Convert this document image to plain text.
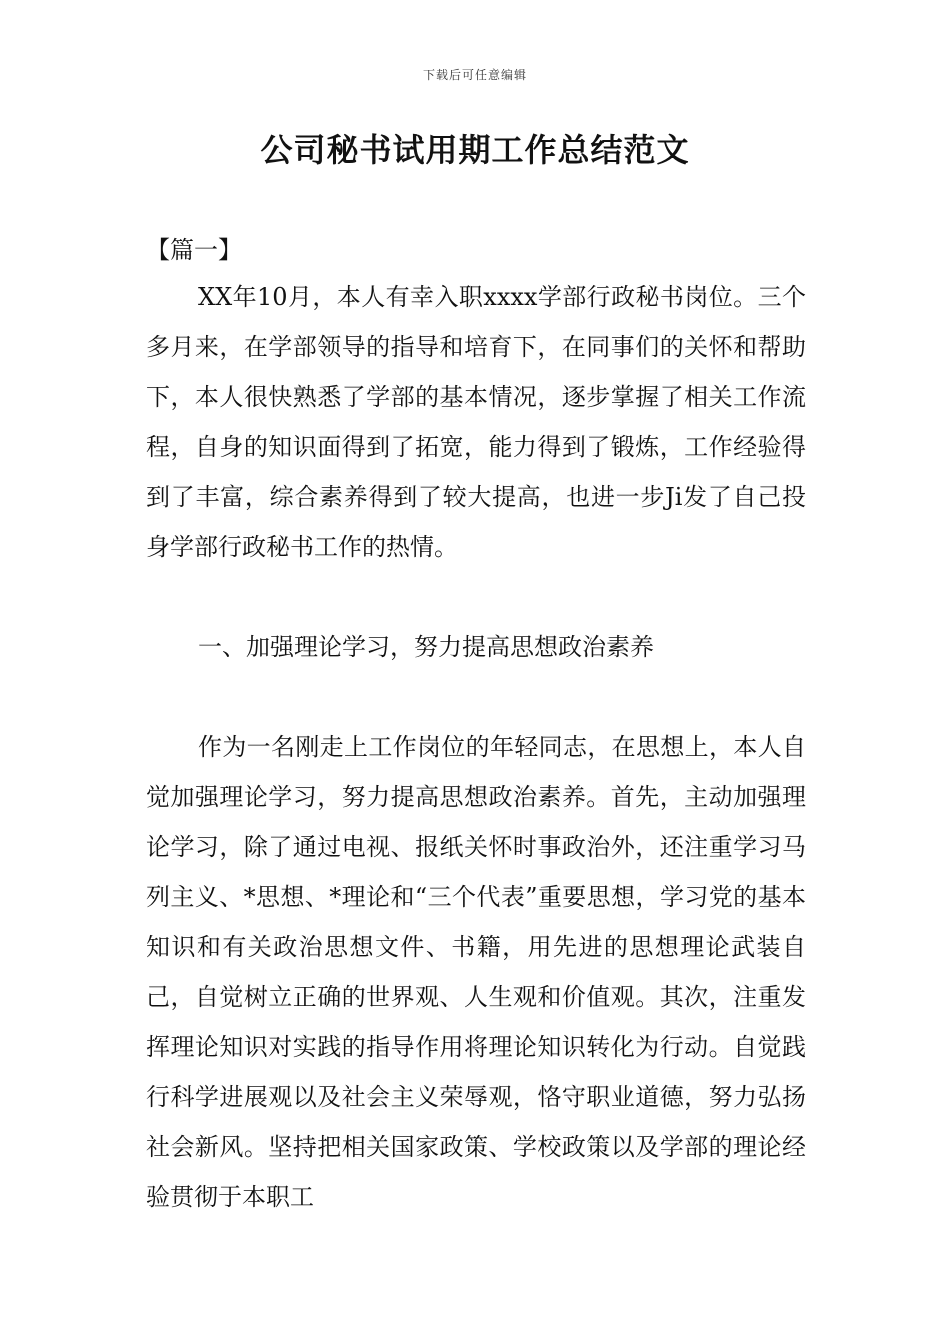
下载后可任意编辑
公司秘书试用期工作总结范文

【篇一】

XX年10月，本人有幸入职xxxx学部行政秘书岗位。三个多月来，在学部领导的指导和培育下，在同事们的关怀和帮助下，本人很快熟悉了学部的基本情况，逐步掌握了相关工作流程，自身的知识面得到了拓宽，能力得到了锻炼，工作经验得到了丰富，综合素养得到了较大提高，也进一步Ji发了自己投身学部行政秘书工作的热情。

一、加强理论学习，努力提高思想政治素养

作为一名刚走上工作岗位的年轻同志，在思想上，本人自觉加强理论学习，努力提高思想政治素养。首先，主动加强理论学习，除了通过电视、报纸关怀时事政治外，还注重学习马列主义、*思想、*理论和“三个代表”重要思想，学习党的基本知识和有关政治思想文件、书籍，用先进的思想理论武装自己，自觉树立正确的世界观、人生观和价值观。其次，注重发挥理论知识对实践的指导作用将理论知识转化为行动。自觉践行科学进展观以及社会主义荣辱观，恪守职业道德，努力弘扬社会新风。坚持把相关国家政策、学校政策以及学部的理论经验贯彻于本职工
